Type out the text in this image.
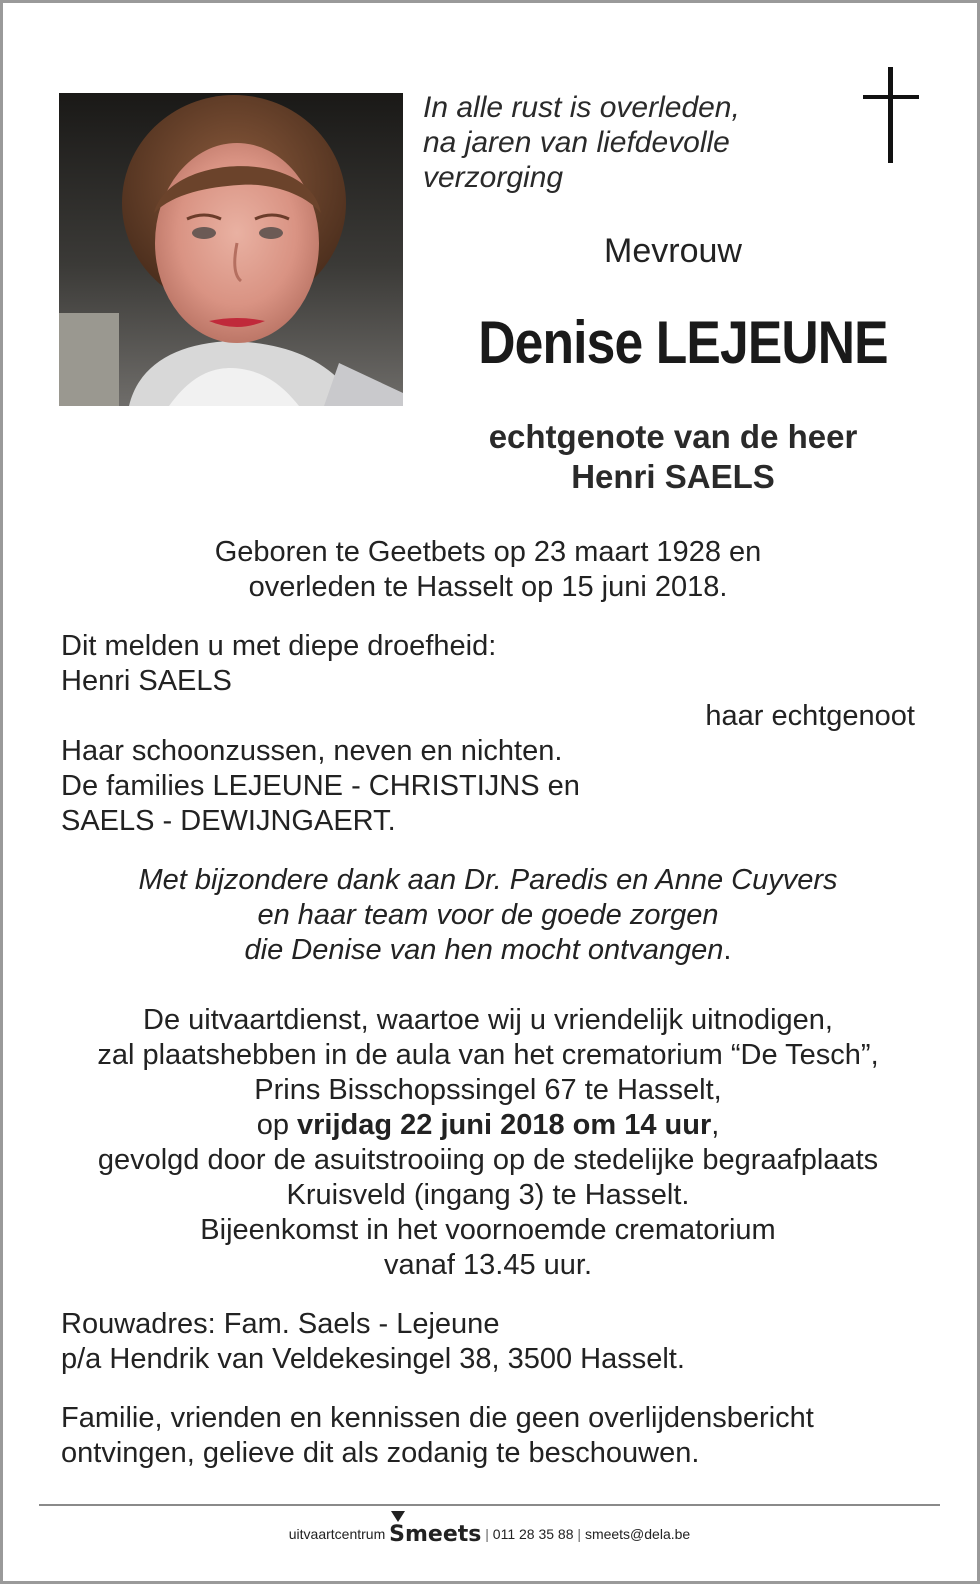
In alle rust is overleden,
na jaren van liefdevolle
verzorging
Mevrouw
Denise LEJEUNE
echtgenote van de heer
Henri SAELS
Geboren te Geetbets op 23 maart 1928 en
overleden te Hasselt op 15 juni 2018.
Dit melden u met diepe droefheid:
Henri SAELS
haar echtgenoot
Haar schoonzussen, neven en nichten.
De families LEJEUNE - CHRISTIJNS en
SAELS - DEWIJNGAERT.
Met bijzondere dank aan Dr. Paredis en Anne Cuyvers
en haar team voor de goede zorgen
die Denise van hen mocht ontvangen.
De uitvaartdienst, waartoe wij u vriendelijk uitnodigen,
zal plaatshebben in de aula van het crematorium “De Tesch”,
Prins Bisschopssingel 67 te Hasselt,
op vrijdag 22 juni 2018 om 14 uur,
gevolgd door de asuitstrooiing op de stedelijke begraafplaats
Kruisveld (ingang 3) te Hasselt.
Bijeenkomst in het voornoemde crematorium
vanaf 13.45 uur.
Rouwadres: Fam. Saels - Lejeune
p/a Hendrik van Veldekesingel 38, 3500 Hasselt.
Familie, vrienden en kennissen die geen overlijdensbericht
ontvingen, gelieve dit als zodanig te beschouwen.
uitvaartcentrum Smeets | 011 28 35 88 | smeets@dela.be
